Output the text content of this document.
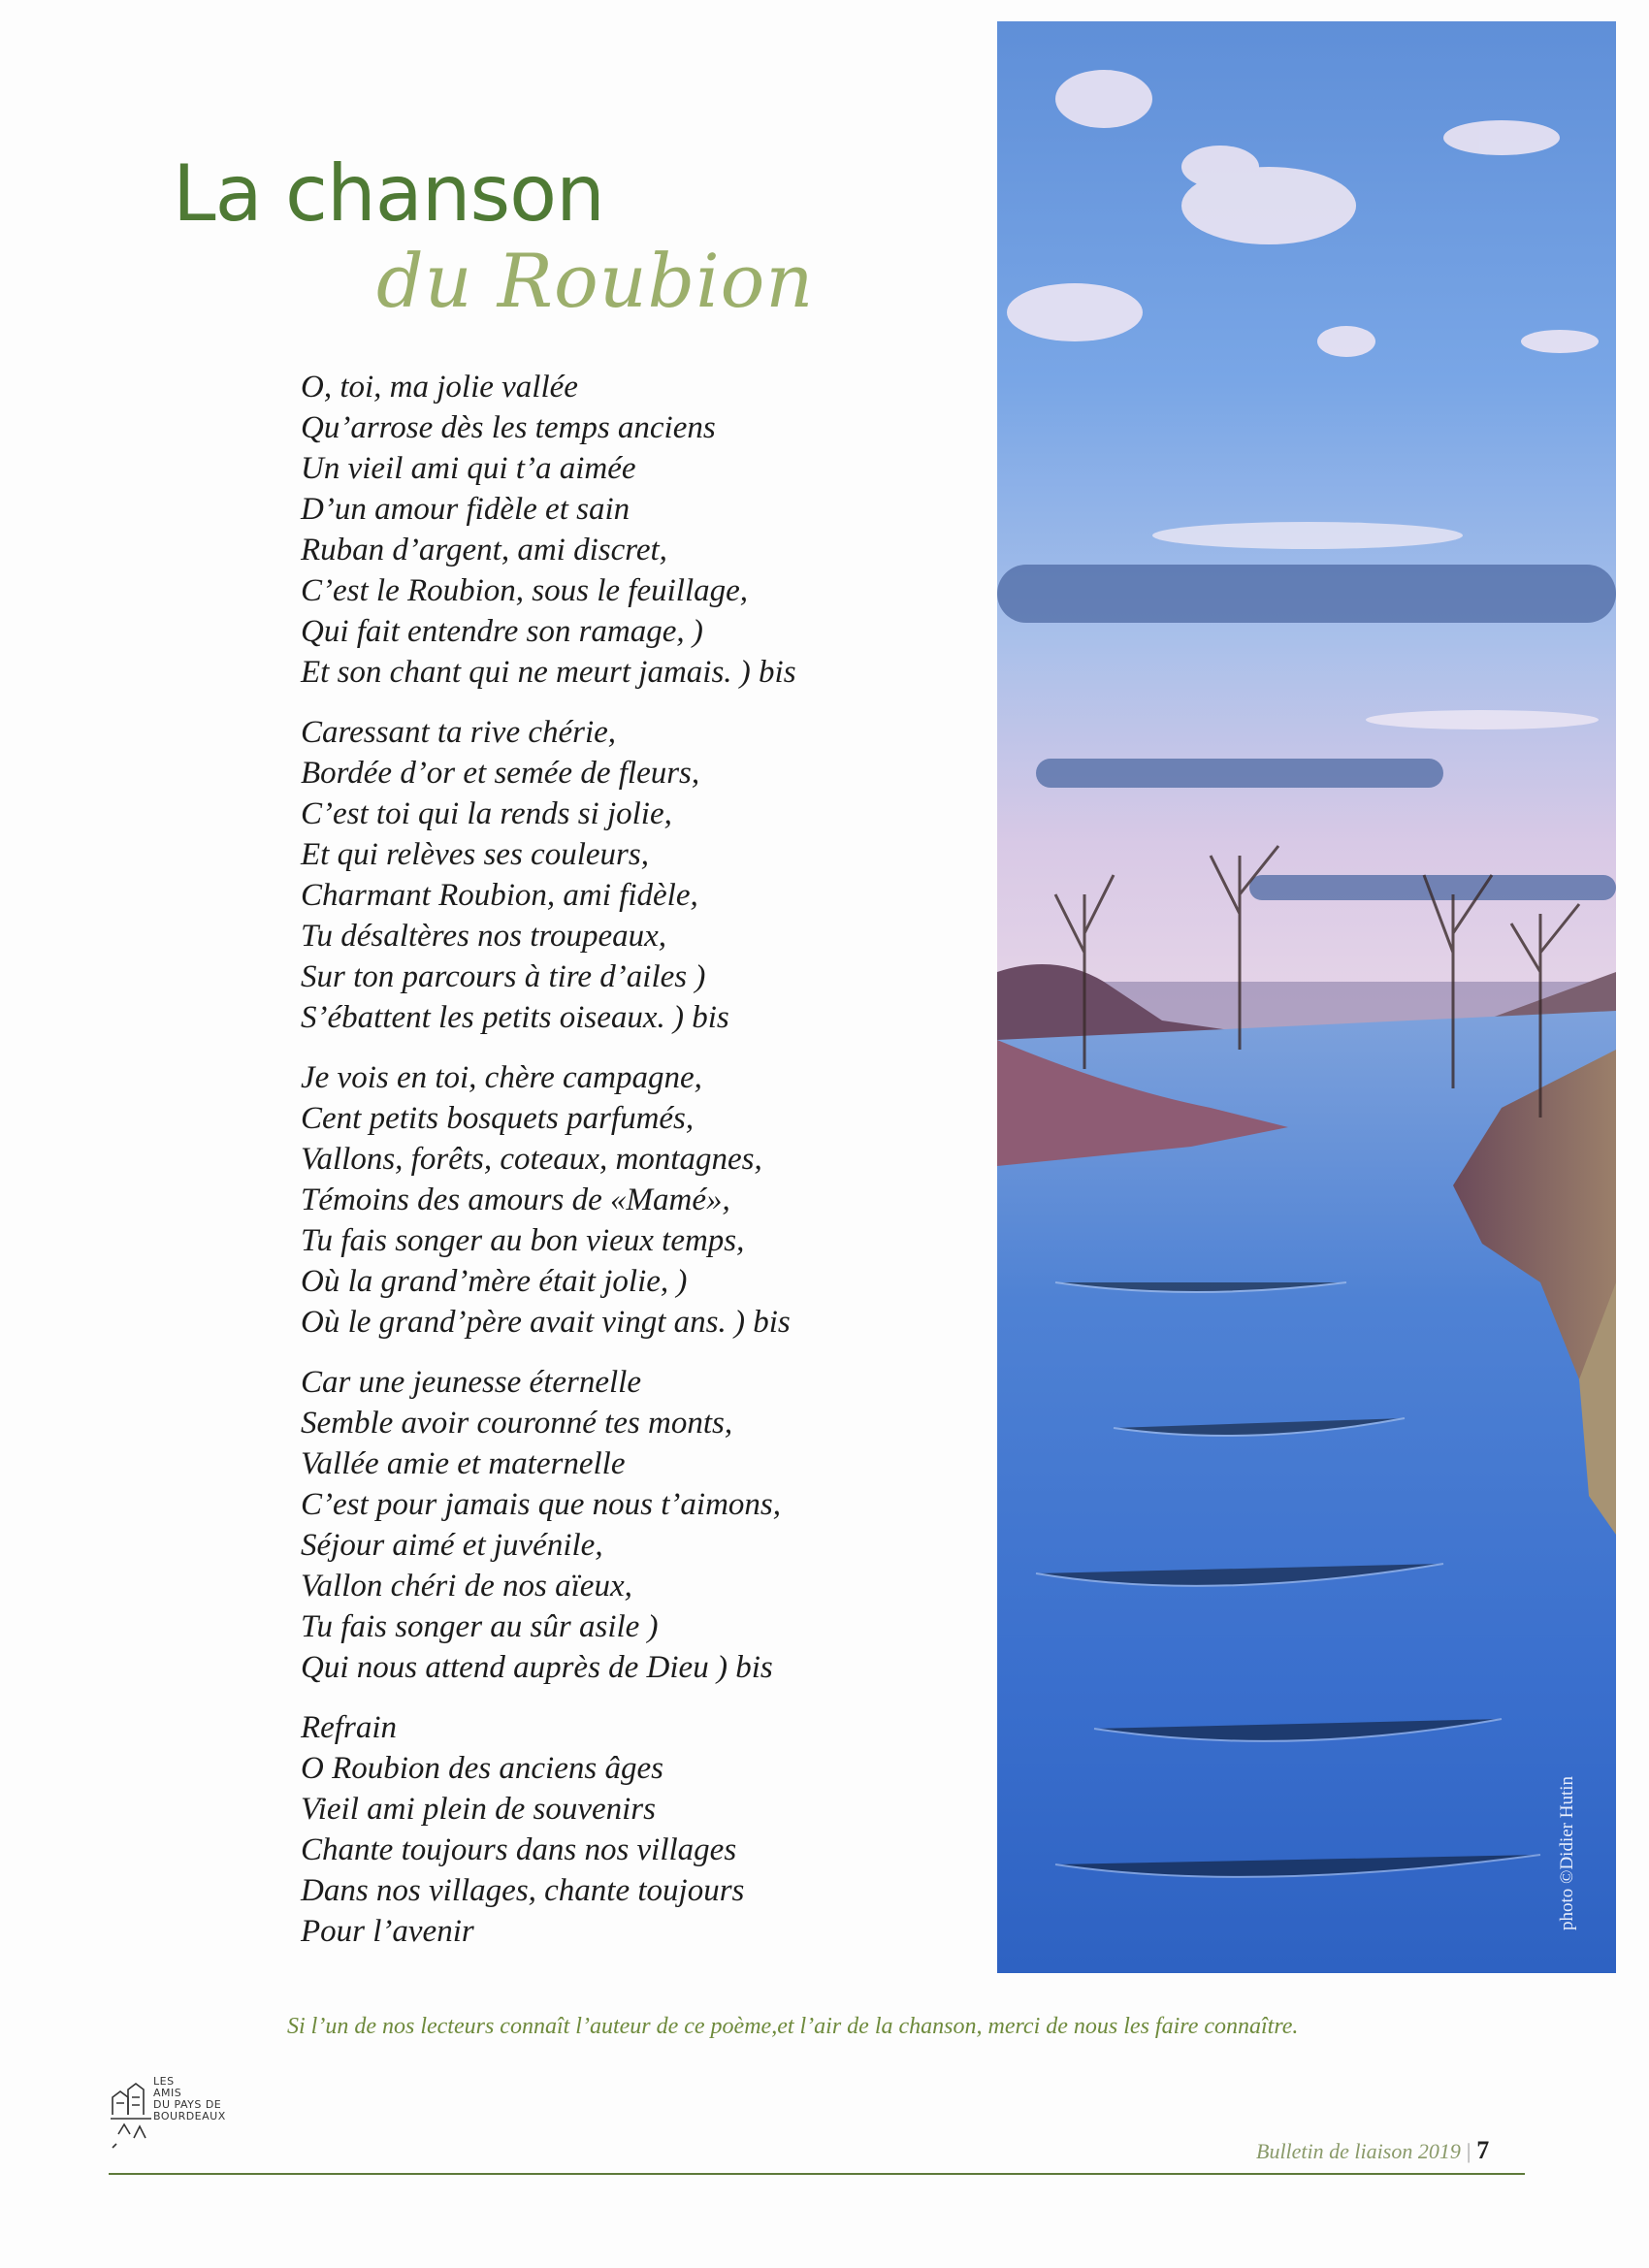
La chanson
du Roubion
O, toi, ma jolie vallée
Qu’arrose dès les temps anciens
Un vieil ami qui t’a aimée
D’un amour fidèle et sain
Ruban d’argent, ami discret,
C’est le Roubion, sous le feuillage,
Qui fait entendre son ramage, )
Et son chant qui ne meurt jamais. ) bis
Caressant ta rive chérie,
Bordée d’or et semée de fleurs,
C’est toi qui la rends si jolie,
Et qui relèves ses couleurs,
Charmant Roubion, ami fidèle,
Tu désaltères nos troupeaux,
Sur ton parcours à tire d’ailes )
S’ébattent les petits oiseaux. ) bis
Je vois en toi, chère campagne,
Cent petits bosquets parfumés,
Vallons, forêts, coteaux, montagnes,
Témoins des amours de «Mamé»,
Tu fais songer au bon vieux temps,
Où la grand’mère était jolie, )
Où le grand’père avait vingt ans. ) bis
Car une jeunesse éternelle
Semble avoir couronné tes monts,
Vallée amie et maternelle
C’est pour jamais que nous t’aimons,
Séjour aimé et juvénile,
Vallon chéri de nos aïeux,
Tu fais songer au sûr asile )
Qui nous attend auprès de Dieu ) bis
Refrain
O Roubion des anciens âges
Vieil ami plein de souvenirs
Chante toujours dans nos villages
Dans nos villages, chante toujours
Pour l’avenir
photo ©Didier Hutin
Si l’un de nos lecteurs connaît l’auteur de ce poème,et l’air de la chanson, merci de nous les faire connaître.
LES
AMIS
DU PAYS DE
BOURDEAUX
Bulletin de liaison 2019 | 7
